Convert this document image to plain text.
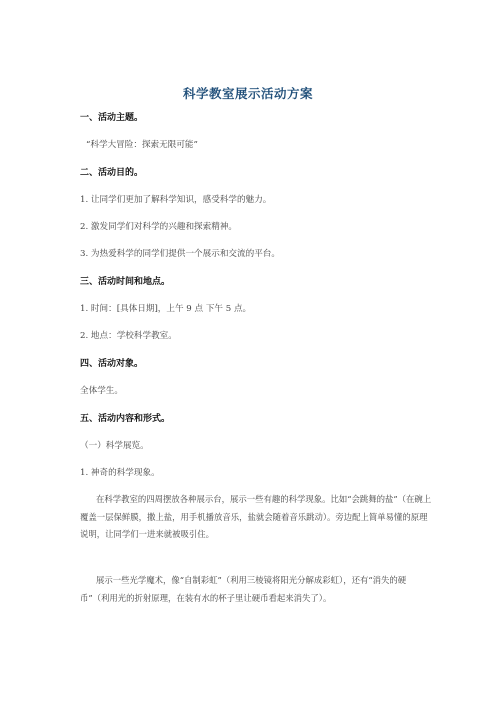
科学教室展示活动方案
一、活动主题。
“科学大冒险：探索无限可能”
二、活动目的。
1. 让同学们更加了解科学知识，感受科学的魅力。
2. 激发同学们对科学的兴趣和探索精神。
3. 为热爱科学的同学们提供一个展示和交流的平台。
三、活动时间和地点。
1. 时间：[具体日期]，上午 9 点 下午 5 点。
2. 地点：学校科学教室。
四、活动对象。
全体学生。
五、活动内容和形式。
（一）科学展览。
1. 神奇的科学现象。
在科学教室的四周摆放各种展示台，展示一些有趣的科学现象。比如“会跳舞的盐”（在碗上覆盖一层保鲜膜，撒上盐，用手机播放音乐，盐就会随着音乐跳动）。旁边配上简单易懂的原理说明，让同学们一进来就被吸引住。
展示一些光学魔术，像“自制彩虹”（利用三棱镜将阳光分解成彩虹），还有“消失的硬币”（利用光的折射原理，在装有水的杯子里让硬币看起来消失了）。
